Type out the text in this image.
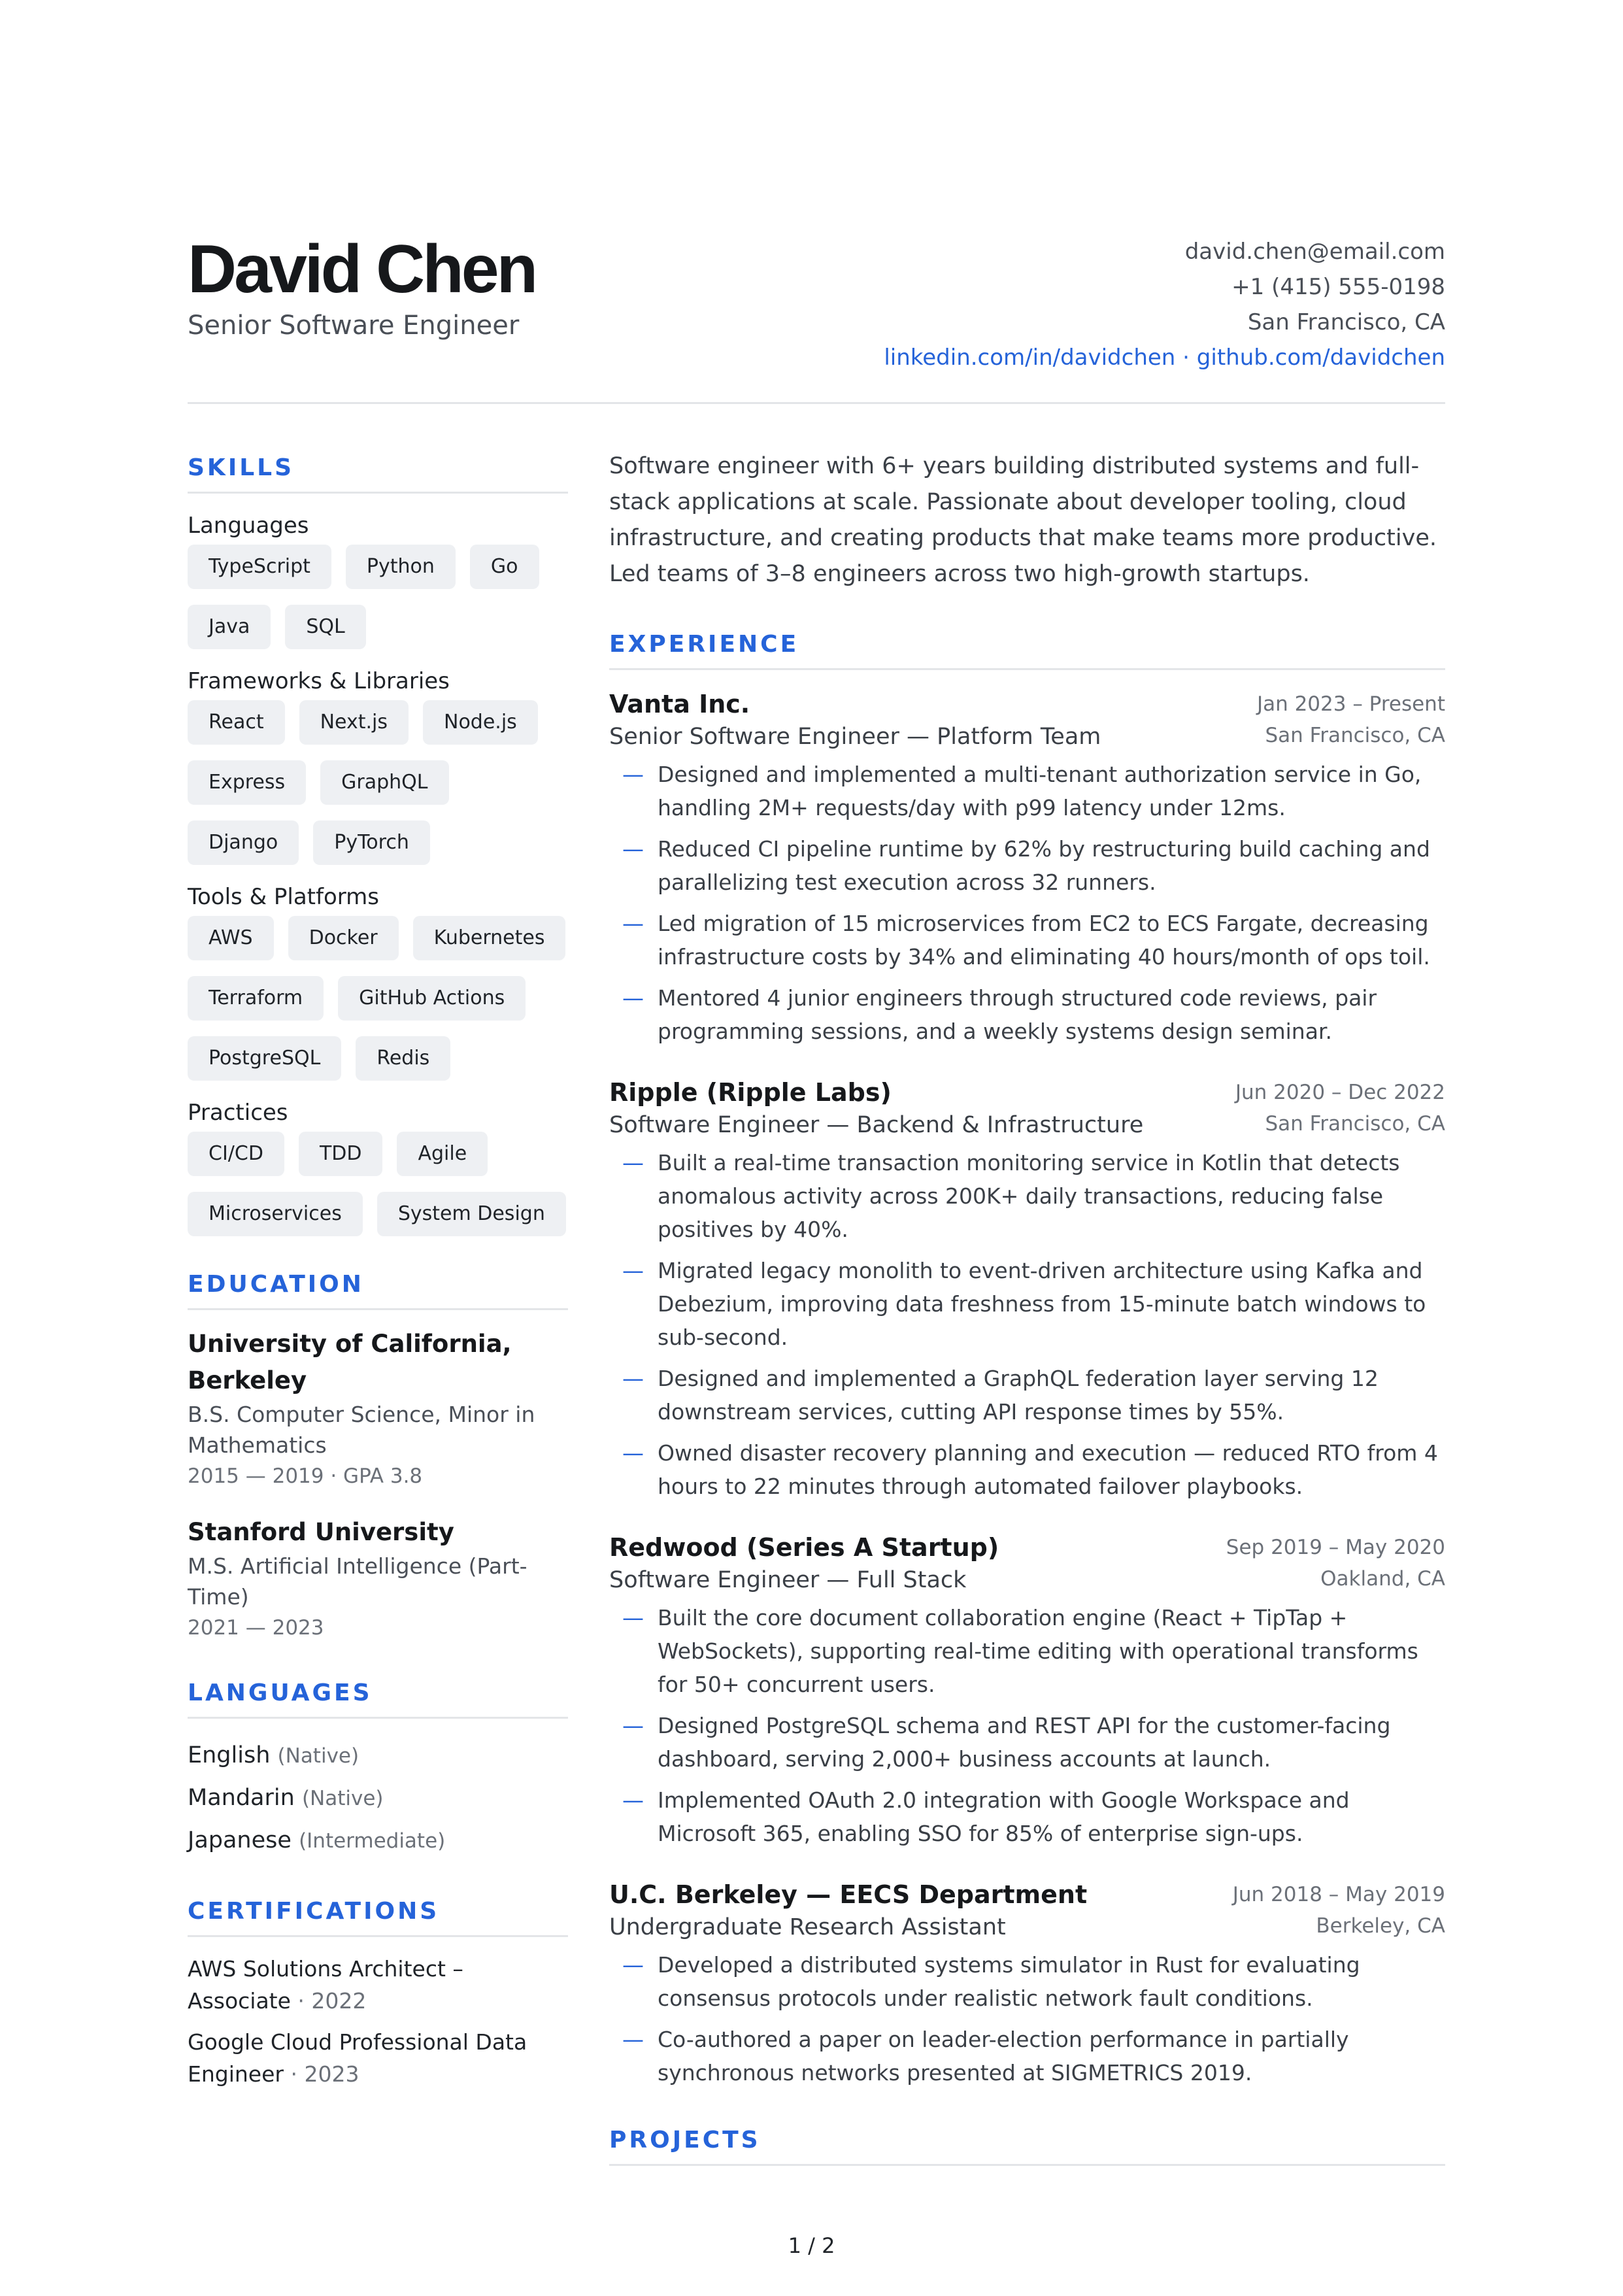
David Chen
Senior Software Engineer
david.chen@email.com
+1 (415) 555-0198
San Francisco, CA
linkedin.com/in/davidchen · github.com/davidchen
SKILLS
Languages
TypeScript	Python	Go
Java	SQL
Frameworks & Libraries
React	Next.js	Node.js
Express	GraphQL
Django	PyTorch
Tools & Platforms
AWS	Docker	Kubernetes
Terraform	GitHub Actions
PostgreSQL	Redis
Practices
CI/CD	TDD	Agile
Microservices	System Design
EDUCATION
University of California, Berkeley
B.S. Computer Science, Minor in Mathematics
2015 — 2019 · GPA 3.8
Stanford University
M.S. Artificial Intelligence (Part-Time)
2021 — 2023
LANGUAGES
English (Native)
Mandarin (Native)
Japanese (Intermediate)
CERTIFICATIONS
AWS Solutions Architect – Associate · 2022
Google Cloud Professional Data Engineer · 2023
Software engineer with 6+ years building distributed systems and full-stack applications at scale. Passionate about developer tooling, cloud infrastructure, and creating products that make teams more productive. Led teams of 3–8 engineers across two high-growth startups.
EXPERIENCE
Vanta Inc.
Senior Software Engineer — Platform Team
Jan 2023 – Present
San Francisco, CA
— Designed and implemented a multi-tenant authorization service in Go, handling 2M+ requests/day with p99 latency under 12ms.
— Reduced CI pipeline runtime by 62% by restructuring build caching and parallelizing test execution across 32 runners.
— Led migration of 15 microservices from EC2 to ECS Fargate, decreasing infrastructure costs by 34% and eliminating 40 hours/month of ops toil.
— Mentored 4 junior engineers through structured code reviews, pair programming sessions, and a weekly systems design seminar.
Ripple (Ripple Labs)
Software Engineer — Backend & Infrastructure
Jun 2020 – Dec 2022
San Francisco, CA
— Built a real-time transaction monitoring service in Kotlin that detects anomalous activity across 200K+ daily transactions, reducing false positives by 40%.
— Migrated legacy monolith to event-driven architecture using Kafka and Debezium, improving data freshness from 15-minute batch windows to sub-second.
— Designed and implemented a GraphQL federation layer serving 12 downstream services, cutting API response times by 55%.
— Owned disaster recovery planning and execution — reduced RTO from 4 hours to 22 minutes through automated failover playbooks.
Redwood (Series A Startup)
Software Engineer — Full Stack
Sep 2019 – May 2020
Oakland, CA
— Built the core document collaboration engine (React + TipTap + WebSockets), supporting real-time editing with operational transforms for 50+ concurrent users.
— Designed PostgreSQL schema and REST API for the customer-facing dashboard, serving 2,000+ business accounts at launch.
— Implemented OAuth 2.0 integration with Google Workspace and Microsoft 365, enabling SSO for 85% of enterprise sign-ups.
U.C. Berkeley — EECS Department
Undergraduate Research Assistant
Jun 2018 – May 2019
Berkeley, CA
— Developed a distributed systems simulator in Rust for evaluating consensus protocols under realistic network fault conditions.
— Co-authored a paper on leader-election performance in partially synchronous networks presented at SIGMETRICS 2019.
PROJECTS
1 / 2
